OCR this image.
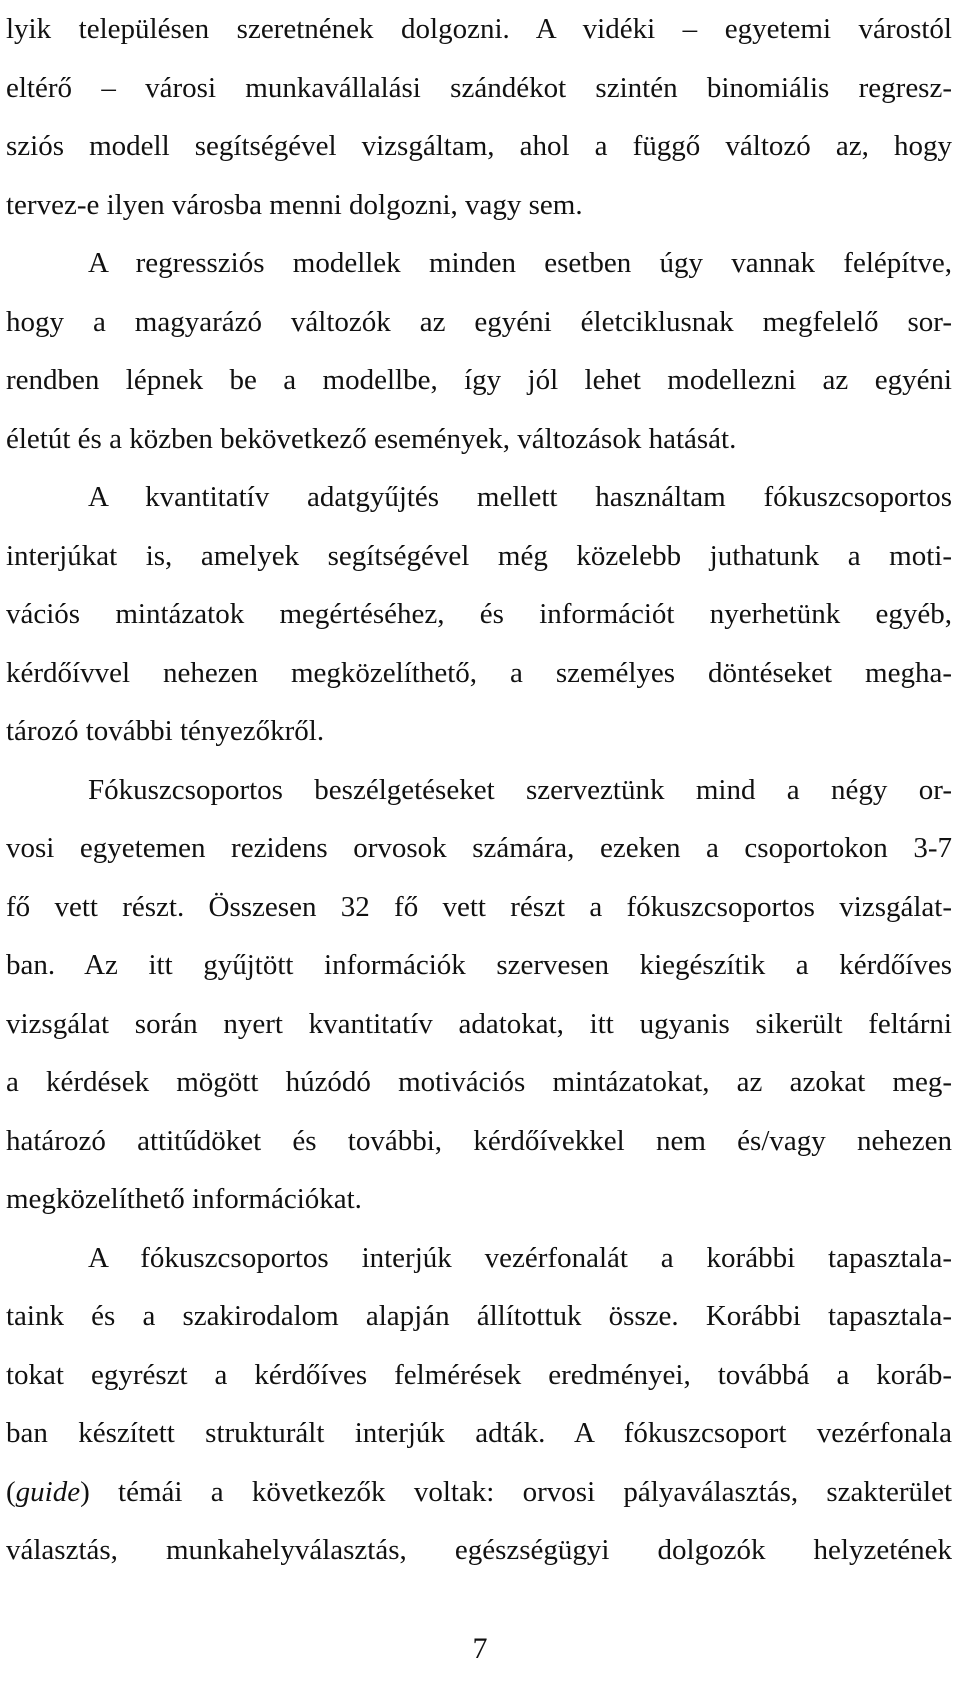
lyik településen szeretnének dolgozni. A vidéki – egyetemi várostól
eltérő – városi munkavállalási szándékot szintén binomiális regresz-
sziós modell segítségével vizsgáltam, ahol a függő változó az, hogy
tervez-e ilyen városba menni dolgozni, vagy sem.
A regressziós modellek minden esetben úgy vannak felépítve,
hogy a magyarázó változók az egyéni életciklusnak megfelelő sor-
rendben lépnek be a modellbe, így jól lehet modellezni az egyéni
életút és a közben bekövetkező események, változások hatását.
A kvantitatív adatgyűjtés mellett használtam fókuszcsoportos
interjúkat is, amelyek segítségével még közelebb juthatunk a moti-
vációs mintázatok megértéséhez, és információt nyerhetünk egyéb,
kérdőívvel nehezen megközelíthető, a személyes döntéseket megha-
tározó további tényezőkről.
Fókuszcsoportos beszélgetéseket szerveztünk mind a négy or-
vosi egyetemen rezidens orvosok számára, ezeken a csoportokon 3-7
fő vett részt. Összesen 32 fő vett részt a fókuszcsoportos vizsgálat-
ban. Az itt gyűjtött információk szervesen kiegészítik a kérdőíves
vizsgálat során nyert kvantitatív adatokat, itt ugyanis sikerült feltárni
a kérdések mögött húzódó motivációs mintázatokat, az azokat meg-
határozó attitűdöket és további, kérdőívekkel nem és/vagy nehezen
megközelíthető információkat.
A fókuszcsoportos interjúk vezérfonalát a korábbi tapasztala-
taink és a szakirodalom alapján állítottuk össze. Korábbi tapasztala-
tokat egyrészt a kérdőíves felmérések eredményei, továbbá a koráb-
ban készített strukturált interjúk adták. A fókuszcsoport vezérfonala
(guide) témái a következők voltak: orvosi pályaválasztás, szakterület
választás, munkahelyválasztás, egészségügyi dolgozók helyzetének
7
